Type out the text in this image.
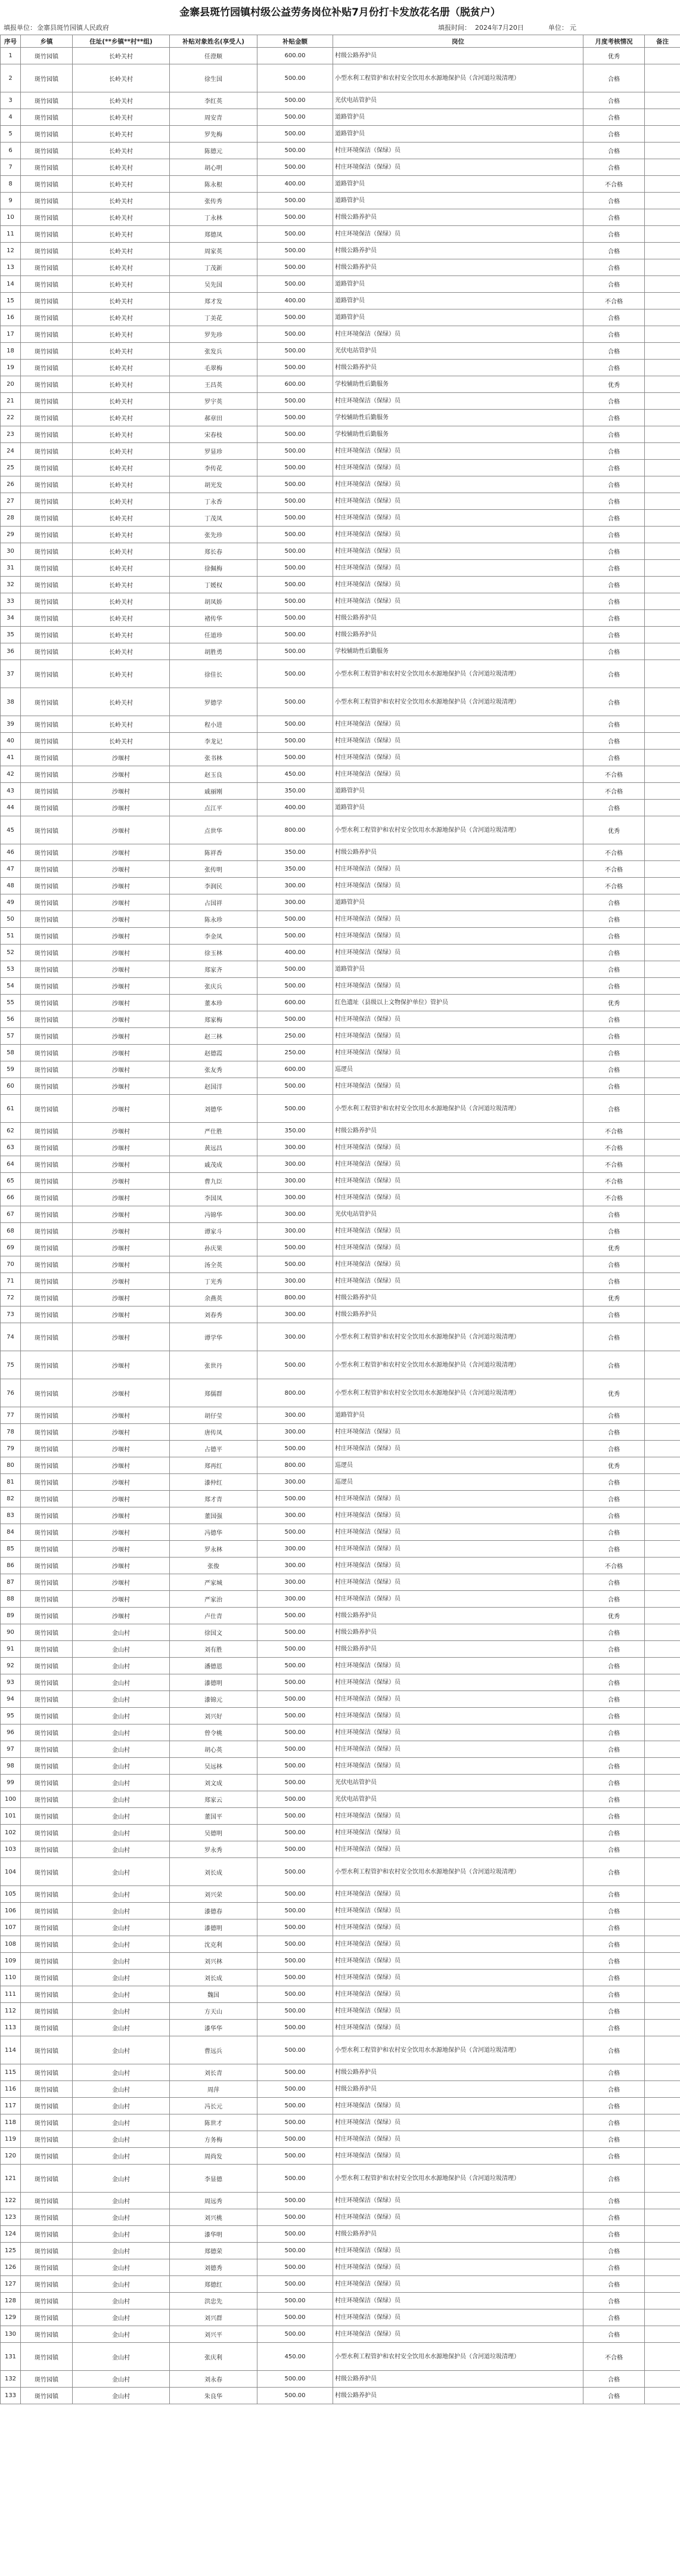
金寨县斑竹园镇村级公益劳务岗位补贴7月份打卡发放花名册（脱贫户）
填报单位： 金寨县斑竹园镇人民政府	填报时间： 2024年7月20日	单位： 元
序号	乡镇	住址(**乡镇**村**组)	补贴对象姓名(享受人)	补贴金额	岗位	月度考核情况	备注
1	斑竹园镇	长岭关村	任澄顺	600.00	村级公路养护员	优秀	
2	斑竹园镇	长岭关村	徐生国	500.00	小型水利工程管护和农村安全饮用水水源地保护员（含河道垃圾清理）	合格	
3	斑竹园镇	长岭关村	李红英	500.00	光伏电站管护员	合格	
4	斑竹园镇	长岭关村	周安青	500.00	道路管护员	合格	
5	斑竹园镇	长岭关村	罗先梅	500.00	道路管护员	合格	
6	斑竹园镇	长岭关村	陈德元	500.00	村庄环境保洁（保绿）员	合格	
7	斑竹园镇	长岭关村	胡心明	500.00	村庄环境保洁（保绿）员	合格	
8	斑竹园镇	长岭关村	陈永根	400.00	道路管护员	不合格	
9	斑竹园镇	长岭关村	张传秀	500.00	道路管护员	合格	
10	斑竹园镇	长岭关村	丁永林	500.00	村级公路养护员	合格	
11	斑竹园镇	长岭关村	郑德凤	500.00	村庄环境保洁（保绿）员	合格	
12	斑竹园镇	长岭关村	周家英	500.00	村级公路养护员	合格	
13	斑竹园镇	长岭关村	丁茂新	500.00	村级公路养护员	合格	
14	斑竹园镇	长岭关村	吴先国	500.00	道路管护员	合格	
15	斑竹园镇	长岭关村	郑才发	400.00	道路管护员	不合格	
16	斑竹园镇	长岭关村	丁美花	500.00	道路管护员	合格	
17	斑竹园镇	长岭关村	罗先珍	500.00	村庄环境保洁（保绿）员	合格	
18	斑竹园镇	长岭关村	张发兵	500.00	光伏电站管护员	合格	
19	斑竹园镇	长岭关村	毛翠梅	500.00	村级公路养护员	合格	
20	斑竹园镇	长岭关村	王昌英	600.00	学校辅助性后勤服务	优秀	
21	斑竹园镇	长岭关村	罗宇英	500.00	村庄环境保洁（保绿）员	合格	
22	斑竹园镇	长岭关村	郝章田	500.00	学校辅助性后勤服务	合格	
23	斑竹园镇	长岭关村	宋春枝	500.00	学校辅助性后勤服务	合格	
24	斑竹园镇	长岭关村	罗显珍	500.00	村庄环境保洁（保绿）员	合格	
25	斑竹园镇	长岭关村	李传花	500.00	村庄环境保洁（保绿）员	合格	
26	斑竹园镇	长岭关村	胡光发	500.00	村庄环境保洁（保绿）员	合格	
27	斑竹园镇	长岭关村	丁永香	500.00	村庄环境保洁（保绿）员	合格	
28	斑竹园镇	长岭关村	丁茂凤	500.00	村庄环境保洁（保绿）员	合格	
29	斑竹园镇	长岭关村	张先珍	500.00	村庄环境保洁（保绿）员	合格	
30	斑竹园镇	长岭关村	郑长春	500.00	村庄环境保洁（保绿）员	合格	
31	斑竹园镇	长岭关村	徐佩梅	500.00	村庄环境保洁（保绿）员	合格	
32	斑竹园镇	长岭关村	丁媛权	500.00	村庄环境保洁（保绿）员	合格	
33	斑竹园镇	长岭关村	胡凤娇	500.00	村庄环境保洁（保绿）员	合格	
34	斑竹园镇	长岭关村	褚传华	500.00	村级公路养护员	合格	
35	斑竹园镇	长岭关村	任道珍	500.00	村级公路养护员	合格	
36	斑竹园镇	长岭关村	胡胜勇	500.00	学校辅助性后勤服务	合格	
37	斑竹园镇	长岭关村	徐佳长	500.00	小型水利工程管护和农村安全饮用水水源地保护员（含河道垃圾清理）	合格	
38	斑竹园镇	长岭关村	罗德学	500.00	小型水利工程管护和农村安全饮用水水源地保护员（含河道垃圾清理）	合格	
39	斑竹园镇	长岭关村	程小进	500.00	村庄环境保洁（保绿）员	合格	
40	斑竹园镇	长岭关村	李龙记	500.00	村庄环境保洁（保绿）员	合格	
41	斑竹园镇	沙堰村	张书林	500.00	村庄环境保洁（保绿）员	合格	
42	斑竹园镇	沙堰村	赵玉良	450.00	村庄环境保洁（保绿）员	不合格	
43	斑竹园镇	沙堰村	戚丽刚	350.00	道路管护员	不合格	
44	斑竹园镇	沙堰村	点江平	400.00	道路管护员	合格	
45	斑竹园镇	沙堰村	点世华	800.00	小型水利工程管护和农村安全饮用水水源地保护员（含河道垃圾清理）	优秀	
46	斑竹园镇	沙堰村	陈祥香	350.00	村级公路养护员	不合格	
47	斑竹园镇	沙堰村	张传明	350.00	村庄环境保洁（保绿）员	不合格	
48	斑竹园镇	沙堰村	李润民	300.00	村庄环境保洁（保绿）员	不合格	
49	斑竹园镇	沙堰村	占国祥	300.00	道路管护员	合格	
50	斑竹园镇	沙堰村	陈永珍	500.00	村庄环境保洁（保绿）员	合格	
51	斑竹园镇	沙堰村	李金凤	500.00	村庄环境保洁（保绿）员	合格	
52	斑竹园镇	沙堰村	徐玉林	400.00	村庄环境保洁（保绿）员	合格	
53	斑竹园镇	沙堰村	郑家齐	500.00	道路管护员	合格	
54	斑竹园镇	沙堰村	张庆兵	500.00	村庄环境保洁（保绿）员	合格	
55	斑竹园镇	沙堰村	董本珍	600.00	红色遗址（县级以上文物保护单位）管护员	优秀	
56	斑竹园镇	沙堰村	郑家梅	500.00	村庄环境保洁（保绿）员	合格	
57	斑竹园镇	沙堰村	赵三林	250.00	村庄环境保洁（保绿）员	合格	
58	斑竹园镇	沙堰村	赵德霞	250.00	村庄环境保洁（保绿）员	合格	
59	斑竹园镇	沙堰村	张友秀	600.00	巡逻员	合格	
60	斑竹园镇	沙堰村	赵国洋	500.00	村庄环境保洁（保绿）员	合格	
61	斑竹园镇	沙堰村	刘德华	500.00	小型水利工程管护和农村安全饮用水水源地保护员（含河道垃圾清理）	合格	
62	斑竹园镇	沙堰村	严仕胜	350.00	村级公路养护员	不合格	
63	斑竹园镇	沙堰村	黄远昌	300.00	村庄环境保洁（保绿）员	不合格	
64	斑竹园镇	沙堰村	戚茂成	300.00	村庄环境保洁（保绿）员	不合格	
65	斑竹园镇	沙堰村	曹九臣	300.00	村庄环境保洁（保绿）员	不合格	
66	斑竹园镇	沙堰村	李国凤	300.00	村庄环境保洁（保绿）员	不合格	
67	斑竹园镇	沙堰村	冯锦华	300.00	光伏电站管护员	合格	
68	斑竹园镇	沙堰村	谭家斗	300.00	村庄环境保洁（保绿）员	合格	
69	斑竹园镇	沙堰村	孙庆果	500.00	村庄环境保洁（保绿）员	优秀	
70	斑竹园镇	沙堰村	汤全英	500.00	村庄环境保洁（保绿）员	合格	
71	斑竹园镇	沙堰村	丁光秀	300.00	村庄环境保洁（保绿）员	合格	
72	斑竹园镇	沙堰村	余燕英	800.00	村级公路养护员	优秀	
73	斑竹园镇	沙堰村	刘春秀	300.00	村级公路养护员	合格	
74	斑竹园镇	沙堰村	谭学华	300.00	小型水利工程管护和农村安全饮用水水源地保护员（含河道垃圾清理）	合格	
75	斑竹园镇	沙堰村	张世丹	500.00	小型水利工程管护和农村安全饮用水水源地保护员（含河道垃圾清理）	合格	
76	斑竹园镇	沙堰村	郑儒群	800.00	小型水利工程管护和农村安全饮用水水源地保护员（含河道垃圾清理）	优秀	
77	斑竹园镇	沙堰村	胡仔莹	300.00	道路管护员	合格	
78	斑竹园镇	沙堰村	唐传凤	300.00	村庄环境保洁（保绿）员	合格	
79	斑竹园镇	沙堰村	占德平	500.00	村庄环境保洁（保绿）员	合格	
80	斑竹园镇	沙堰村	郑再红	800.00	巡逻员	优秀	
81	斑竹园镇	沙堰村	漆仲红	300.00	巡逻员	合格	
82	斑竹园镇	沙堰村	郑才青	500.00	村庄环境保洁（保绿）员	合格	
83	斑竹园镇	沙堰村	董国强	300.00	村庄环境保洁（保绿）员	合格	
84	斑竹园镇	沙堰村	冯德华	500.00	村庄环境保洁（保绿）员	合格	
85	斑竹园镇	沙堰村	罗永林	300.00	村庄环境保洁（保绿）员	合格	
86	斑竹园镇	沙堰村	张俊	300.00	村庄环境保洁（保绿）员	不合格	
87	斑竹园镇	沙堰村	严家城	300.00	村庄环境保洁（保绿）员	合格	
88	斑竹园镇	沙堰村	严家治	300.00	村庄环境保洁（保绿）员	合格	
89	斑竹园镇	沙堰村	卢仕青	500.00	村级公路养护员	优秀	
90	斑竹园镇	金山村	徐国文	500.00	村级公路养护员	合格	
91	斑竹园镇	金山村	刘有胜	500.00	村级公路养护员	合格	
92	斑竹园镇	金山村	潘德恩	500.00	村庄环境保洁（保绿）员	合格	
93	斑竹园镇	金山村	漆德明	500.00	村庄环境保洁（保绿）员	合格	
94	斑竹园镇	金山村	漆锦元	500.00	村庄环境保洁（保绿）员	合格	
95	斑竹园镇	金山村	刘兴好	500.00	村庄环境保洁（保绿）员	合格	
96	斑竹园镇	金山村	曾令桃	500.00	村庄环境保洁（保绿）员	合格	
97	斑竹园镇	金山村	胡心英	500.00	村庄环境保洁（保绿）员	合格	
98	斑竹园镇	金山村	吴远林	500.00	村庄环境保洁（保绿）员	合格	
99	斑竹园镇	金山村	刘文成	500.00	光伏电站管护员	合格	
100	斑竹园镇	金山村	郑家云	500.00	光伏电站管护员	合格	
101	斑竹园镇	金山村	董国平	500.00	村庄环境保洁（保绿）员	合格	
102	斑竹园镇	金山村	吴德明	500.00	村庄环境保洁（保绿）员	合格	
103	斑竹园镇	金山村	罗永秀	500.00	村庄环境保洁（保绿）员	合格	
104	斑竹园镇	金山村	刘长成	500.00	小型水利工程管护和农村安全饮用水水源地保护员（含河道垃圾清理）	合格	
105	斑竹园镇	金山村	刘兴荣	500.00	村庄环境保洁（保绿）员	合格	
106	斑竹园镇	金山村	漆德春	500.00	村庄环境保洁（保绿）员	合格	
107	斑竹园镇	金山村	漆德明	500.00	村庄环境保洁（保绿）员	合格	
108	斑竹园镇	金山村	沈克利	500.00	村庄环境保洁（保绿）员	合格	
109	斑竹园镇	金山村	刘兴林	500.00	村庄环境保洁（保绿）员	合格	
110	斑竹园镇	金山村	刘长成	500.00	村庄环境保洁（保绿）员	合格	
111	斑竹园镇	金山村	魏国	500.00	村庄环境保洁（保绿）员	合格	
112	斑竹园镇	金山村	方天山	500.00	村庄环境保洁（保绿）员	合格	
113	斑竹园镇	金山村	漆华华	500.00	村庄环境保洁（保绿）员	合格	
114	斑竹园镇	金山村	曹远兵	500.00	小型水利工程管护和农村安全饮用水水源地保护员（含河道垃圾清理）	合格	
115	斑竹园镇	金山村	刘长青	500.00	村级公路养护员	合格	
116	斑竹园镇	金山村	周萍	500.00	村级公路养护员	合格	
117	斑竹园镇	金山村	冯长元	500.00	村庄环境保洁（保绿）员	合格	
118	斑竹园镇	金山村	陈世才	500.00	村庄环境保洁（保绿）员	合格	
119	斑竹园镇	金山村	方务梅	500.00	村庄环境保洁（保绿）员	合格	
120	斑竹园镇	金山村	周尚发	500.00	村庄环境保洁（保绿）员	合格	
121	斑竹园镇	金山村	李显德	500.00	小型水利工程管护和农村安全饮用水水源地保护员（含河道垃圾清理）	合格	
122	斑竹园镇	金山村	周远秀	500.00	村庄环境保洁（保绿）员	合格	
123	斑竹园镇	金山村	刘兴桃	500.00	村庄环境保洁（保绿）员	合格	
124	斑竹园镇	金山村	漆华明	500.00	村级公路养护员	合格	
125	斑竹园镇	金山村	郑德荣	500.00	村庄环境保洁（保绿）员	合格	
126	斑竹园镇	金山村	刘德秀	500.00	村庄环境保洁（保绿）员	合格	
127	斑竹园镇	金山村	郑德红	500.00	村庄环境保洁（保绿）员	合格	
128	斑竹园镇	金山村	洪忠先	500.00	村庄环境保洁（保绿）员	合格	
129	斑竹园镇	金山村	刘兴群	500.00	村庄环境保洁（保绿）员	合格	
130	斑竹园镇	金山村	刘兴平	500.00	村庄环境保洁（保绿）员	合格	
131	斑竹园镇	金山村	张庆利	450.00	小型水利工程管护和农村安全饮用水水源地保护员（含河道垃圾清理）	不合格	
132	斑竹园镇	金山村	刘永春	500.00	村级公路养护员	合格	
133	斑竹园镇	金山村	朱良华	500.00	村级公路养护员	合格	
